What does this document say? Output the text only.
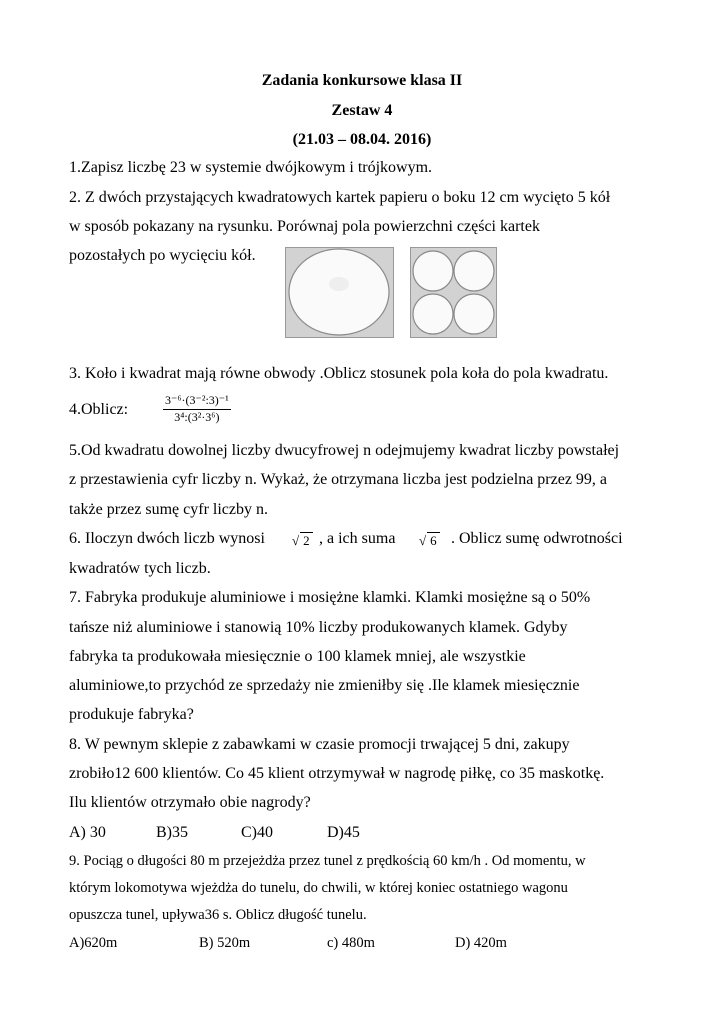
Zadania konkursowe klasa II
Zestaw 4
(21.03 – 08.04. 2016)
1.Zapisz liczbę 23 w systemie dwójkowym i trójkowym.
2. Z dwóch przystających kwadratowych kartek papieru o boku 12 cm wycięto 5 kół
w sposób pokazany na rysunku. Porównaj pola powierzchni części kartek
pozostałych po wycięciu kół.
3. Koło i kwadrat mają równe obwody .Oblicz stosunek pola koła do pola kwadratu.
4.Oblicz:	$\frac{\text{3⁻⁶·(3⁻²:3)⁻¹}}{\text{3⁴:(3²·3⁶)}}$
5.Od kwadratu dowolnej liczby dwucyfrowej n odejmujemy kwadrat liczby powstałej
z przestawienia cyfr liczby n. Wykaż, że otrzymana liczba jest podzielna przez 99, a
także przez sumę cyfr liczby n.
6. Iloczyn dwóch liczb wynosi √ 2 , a ich suma √ 6 . Oblicz sumę odwrotności
kwadratów tych liczb.
7. Fabryka produkuje aluminiowe i mosiężne klamki. Klamki mosiężne są o 50%
tańsze niż aluminiowe i stanowią 10% liczby produkowanych klamek. Gdyby
fabryka ta produkowała miesięcznie o 100 klamek mniej, ale wszystkie
aluminiowe,to przychód ze sprzedaży nie zmieniłby się .Ile klamek miesięcznie
produkuje fabryka?
8. W pewnym sklepie z zabawkami w czasie promocji trwającej 5 dni, zakupy
zrobiło12 600 klientów. Co 45 klient otrzymywał w nagrodę piłkę, co 35 maskotkę.
Ilu klientów otrzymało obie nagrody?
A) 30	B)35	C)40	D)45
9. Pociąg o długości 80 m przejeżdża przez tunel z prędkością 60 km/h . Od momentu, w
którym lokomotywa wjeżdża do tunelu, do chwili, w której koniec ostatniego wagonu
opuszcza tunel, upływa36 s. Oblicz długość tunelu.
A)620m	B) 520m	c) 480m	D) 420m
